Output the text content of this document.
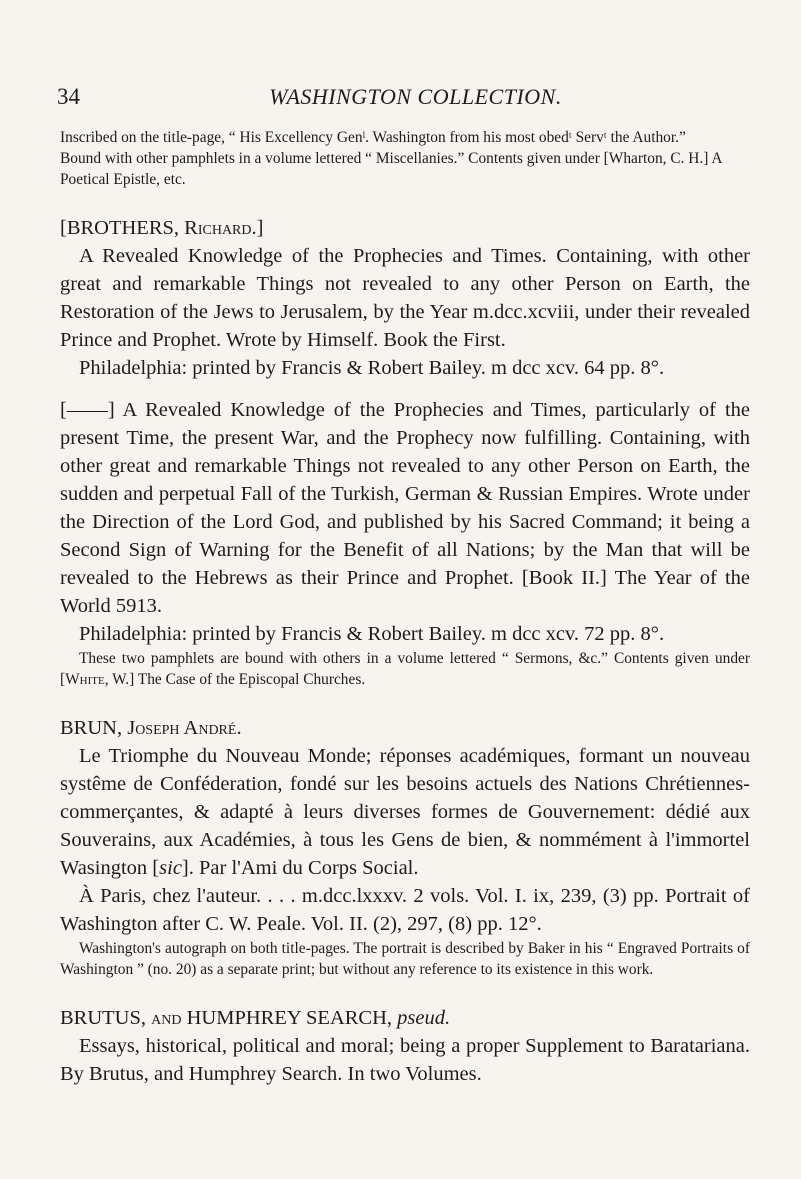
34	WASHINGTON COLLECTION.

Inscribed on the title-page, “ His Excellency Genˡ. Washington from his most obedᵗ Servᵗ the Author.”

Bound with other pamphlets in a volume lettered “ Miscellanies.” Contents given under [Wharton, C. H.] A Poetical Epistle, etc.

[BROTHERS, Richard.]

A Revealed Knowledge of the Prophecies and Times. Containing, with other great and remarkable Things not revealed to any other Person on Earth, the Restoration of the Jews to Jerusalem, by the Year m.dcc.xcviii, under their revealed Prince and Prophet. Wrote by Himself. Book the First.

Philadelphia: printed by Francis & Robert Bailey. m dcc xcv. 64 pp. 8°.

[——] A Revealed Knowledge of the Prophecies and Times, particularly of the present Time, the present War, and the Prophecy now fulfilling. Containing, with other great and remarkable Things not revealed to any other Person on Earth, the sudden and perpetual Fall of the Turkish, German & Russian Empires. Wrote under the Direction of the Lord God, and published by his Sacred Command; it being a Second Sign of Warning for the Benefit of all Nations; by the Man that will be revealed to the Hebrews as their Prince and Prophet. [Book II.] The Year of the World 5913.

Philadelphia: printed by Francis & Robert Bailey. m dcc xcv. 72 pp. 8°.

These two pamphlets are bound with others in a volume lettered “ Sermons, &c.” Contents given under [White, W.] The Case of the Episcopal Churches.

BRUN, Joseph André.

Le Triomphe du Nouveau Monde; réponses académiques, formant un nouveau systême de Conféderation, fondé sur les besoins actuels des Nations Chrétiennes-commerçantes, & adapté à leurs diverses formes de Gouvernement: dédié aux Souverains, aux Académies, à tous les Gens de bien, & nommément à l'immortel Wasington [sic]. Par l'Ami du Corps Social.

À Paris, chez l'auteur. . . . m.dcc.lxxxv. 2 vols. Vol. I. ix, 239, (3) pp. Portrait of Washington after C. W. Peale. Vol. II. (2), 297, (8) pp. 12°.

Washington's autograph on both title-pages. The portrait is described by Baker in his “ Engraved Portraits of Washington ” (no. 20) as a separate print; but without any reference to its existence in this work.

BRUTUS, and HUMPHREY SEARCH, pseud.

Essays, historical, political and moral; being a proper Supplement to Baratariana. By Brutus, and Humphrey Search. In two Volumes.
